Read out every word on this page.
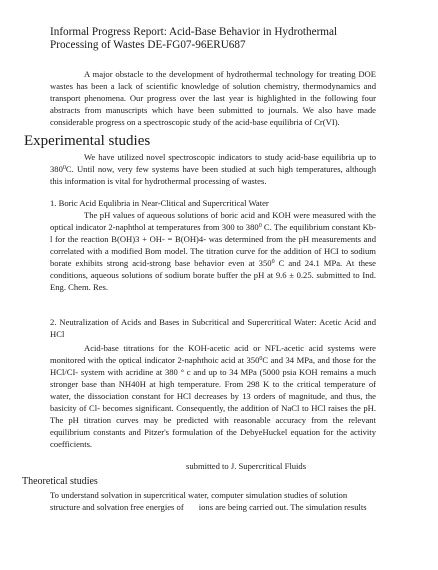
Informal Progress Report: Acid-Base Behavior in Hydrothermal Processing of Wastes DE-FG07-96ERU687
A major obstacle to the development of hydrothermal technology for treating DOE wastes has been a lack of scientific knowledge of solution chemistry, thermodynamics and transport phenomena. Our progress over the last year is highlighted in the following four abstracts from manuscripts which have been submitted to journals. We also have made considerable progress on a spectroscopic study of the acid-base equilibria of Cr(VI).
Experimental studies
We have utilized novel spectroscopic indicators to study acid-base equilibria up to $380^0C$. Until now, very few systems have been studied at such high temperatures, although this information is vital for hydrothermal processing of wastes.
1. Boric Acid Equlibria in Near-Clitical and Supercritical Water
The pH values of aqueous solutions of boric acid and KOH were measured with the optical indicator 2-naphthol at temperatures from 300 to $380^0$ C. The equilibrium constant Kb-l for the reaction B(OH)3 + OH- = B(OH)4- was determined from the pH measurements and correlated with a modified Bom model. The titration curve for the addition of HCI to sodium borate exhibits strong acid-strong base behavior even at $350^0$ C and 24.1 MPa. At these conditions, aqueous solutions of sodium borate buffer the pH at 9.6 ± 0.25. submitted to Ind. Eng. Chem. Res.
2. Neutralization of Acids and Bases in Subcritical and Supercritical Water: Acetic Acid and HCl
Acid-base titrations for the KOH-acetic acid or NFL-acetic acid systems were monitored with the optical indicator 2-naphthoic acid at $350^0C$ and 34 MPa, and those for the HCl/CI- system with acridine at 380 ° c and up to 34 MPa (5000 psia KOH remains a much stronger base than NH40H at high temperature. From 298 K to the critical temperature of water, the dissociation constant for HCl decreases by 13 orders of magnitude, and thus, the basicity of Cl- becomes significant. Consequently, the addition of NaCl to HCl raises the pH. The pH titration curves may be predicted with reasonable accuracy from the relevant equilibrium constants and Pitzer's formulation of the DebyeHuckel equation for the activity coefficients.
submitted to J. Supercritical Fluids
Theoretical studies
To understand solvation in supercritical water, computer simulation studies of solution
structure and solvation free energies of       ions are being carried out. The simulation results
